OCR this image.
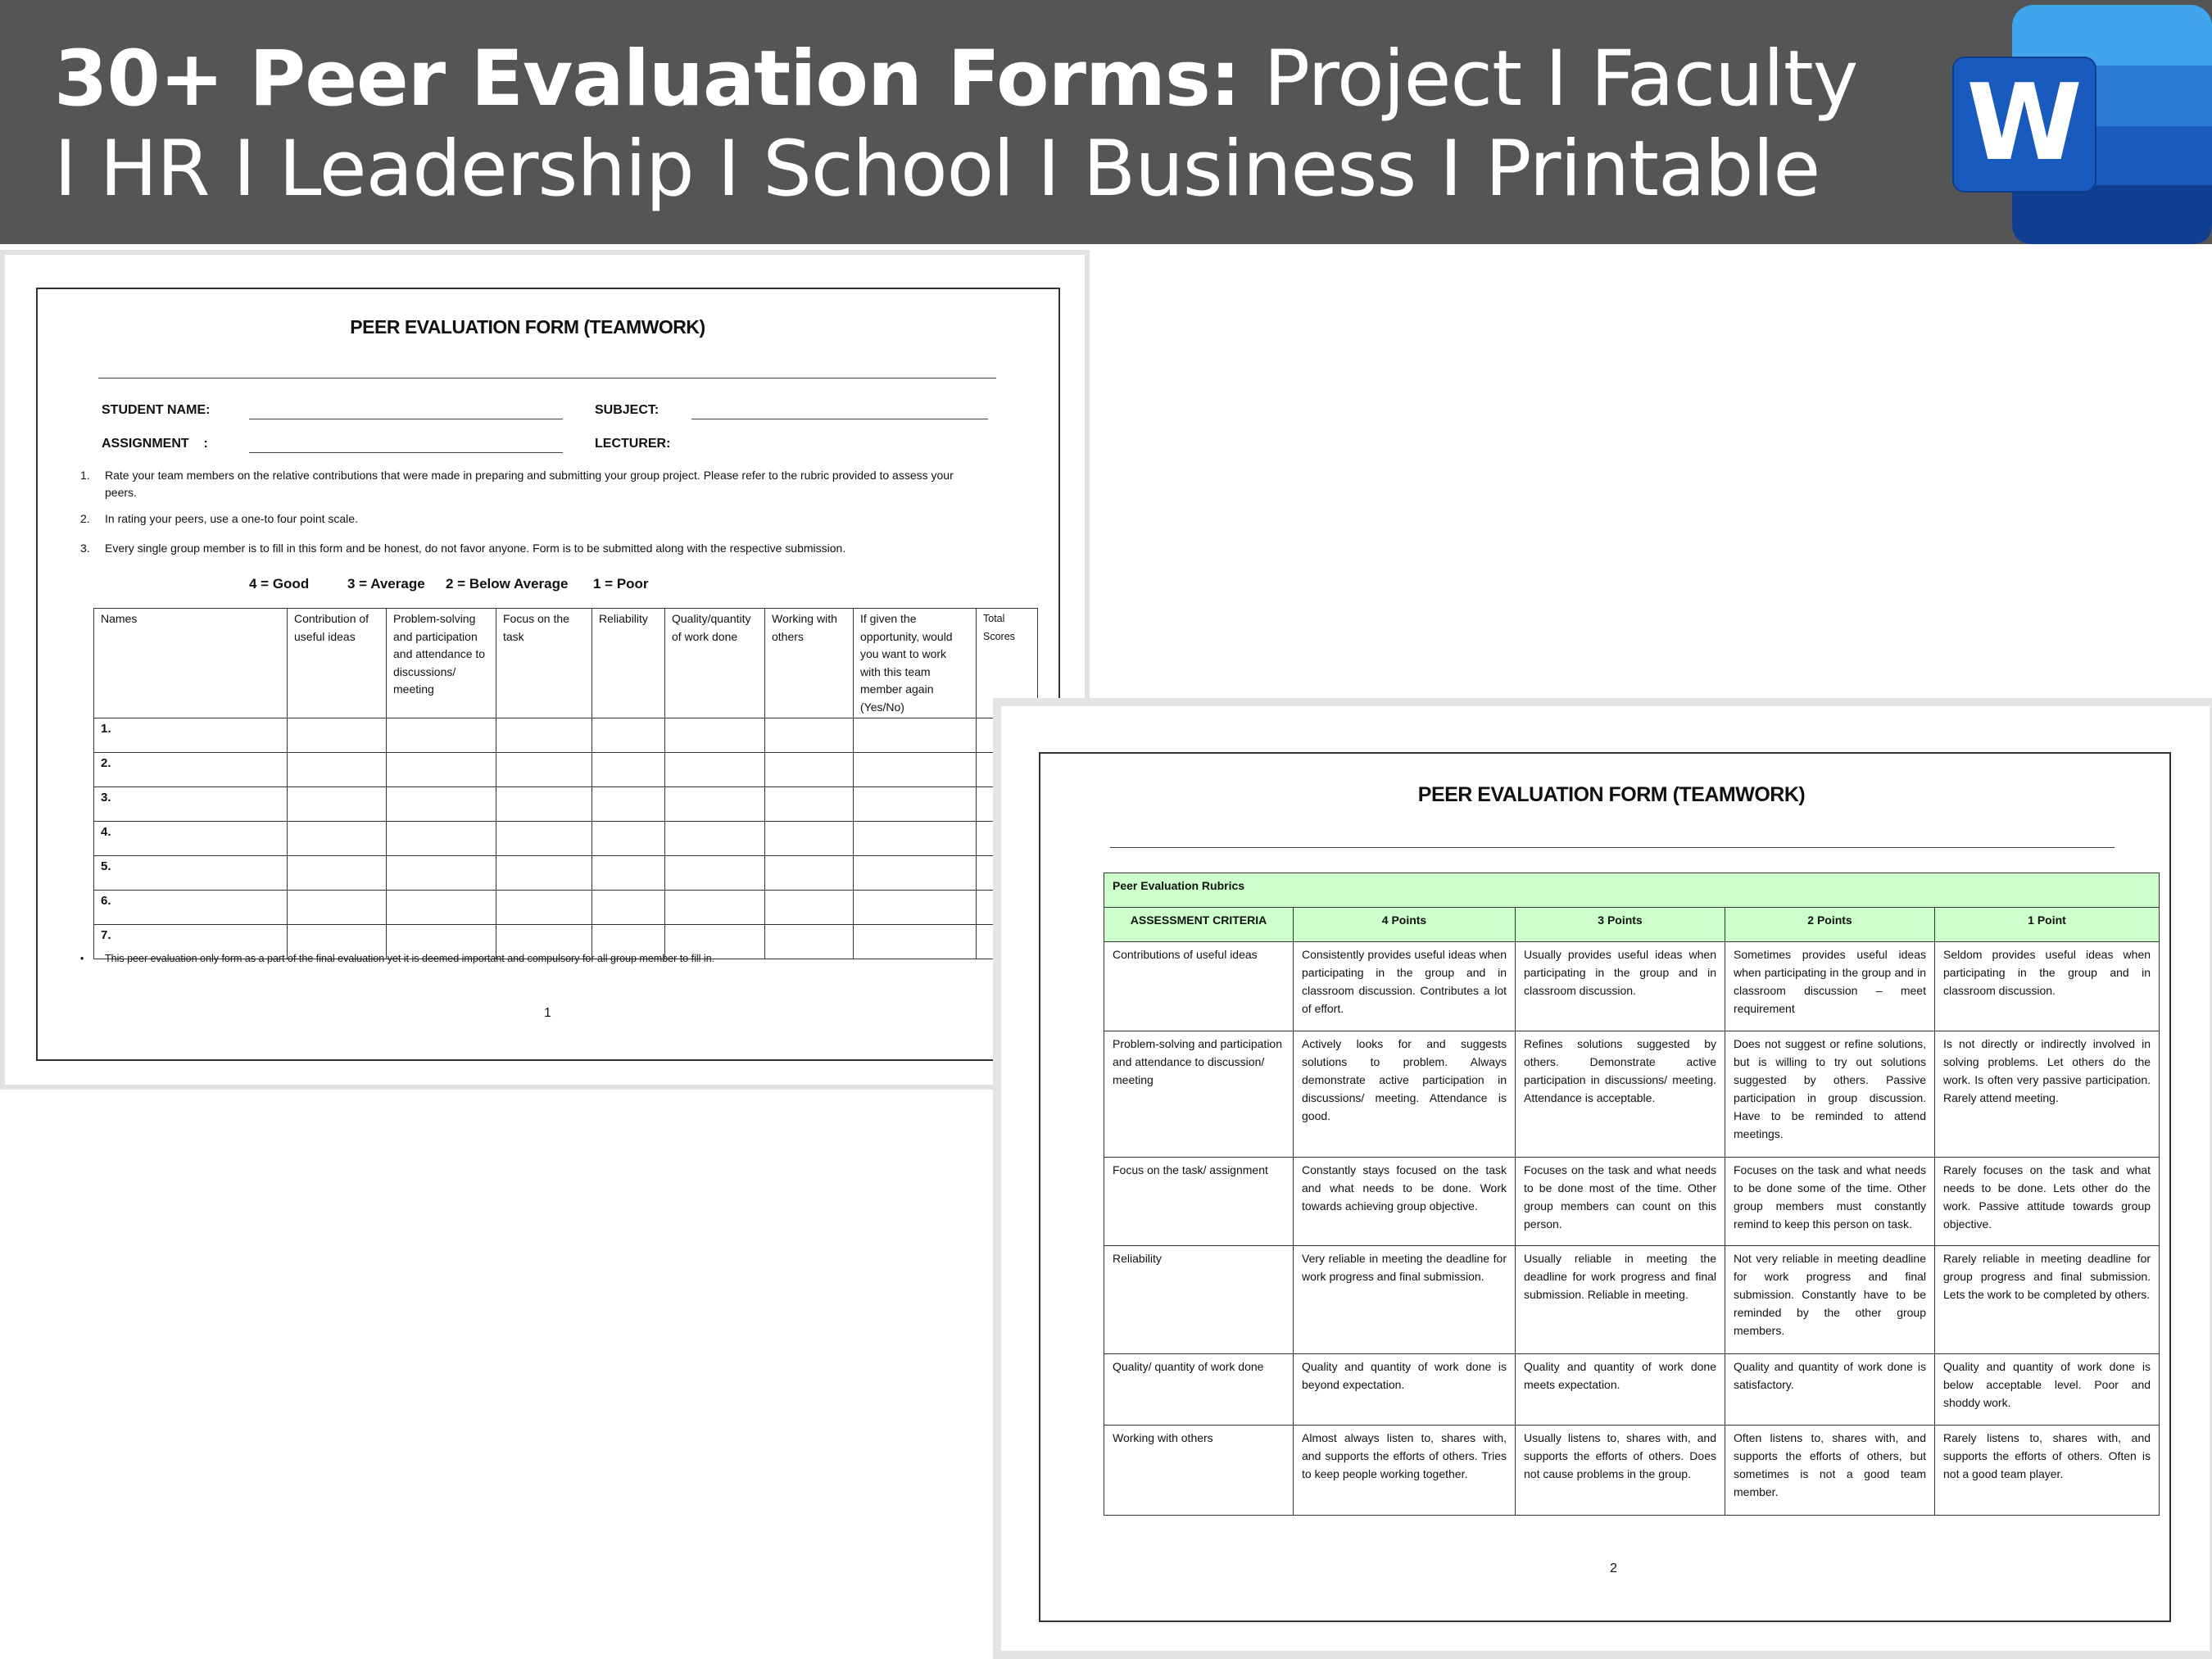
30+ Peer Evaluation Forms: Project I Faculty I HR I Leadership I School I Business I Printable	W
PEER EVALUATION FORM (TEAMWORK)
STUDENT NAME:	SUBJECT:
ASSIGNMENT    :	LECTURER:
1. Rate your team members on the relative contributions that were made in preparing and submitting your group project. Please refer to the rubric provided to assess your peers.
2. In rating your peers, use a one-to four point scale.
3. Every single group member is to fill in this form and be honest, do not favor anyone. Form is to be submitted along with the respective submission.
4 = Good	3 = Average 2 = Below Average 1 = Poor
Names	Contribution of useful ideas	Problem-solving and participation and attendance to discussions/ meeting	Focus on the task	Reliability	Quality/quantity of work done	Working with others	If given the opportunity, would you want to work with this team member again (Yes/No)	Total Scores
1.								
2.								
3.								
4.								
5.								
6.								
7.								
• This peer evaluation only form as a part of the final evaluation yet it is deemed important and compulsory for all group member to fill in.
1
PEER EVALUATION FORM (TEAMWORK)
Peer Evaluation Rubrics				
ASSESSMENT CRITERIA	4 Points	3 Points	2 Points	1 Point
Contributions of useful ideas	Consistently provides useful ideas when participating in the group and in classroom discussion. Contributes a lot of effort.	Usually provides useful ideas when participating in the group and in classroom discussion.	Sometimes provides useful ideas when participating in the group and in classroom discussion – meet requirement	Seldom provides useful ideas when participating in the group and in classroom discussion.
Problem-solving and participation and attendance to discussion/ meeting	Actively looks for and suggests solutions to problem. Always demonstrate active participation in discussions/ meeting. Attendance is good.	Refines solutions suggested by others. Demonstrate active participation in discussions/ meeting. Attendance is acceptable.	Does not suggest or refine solutions, but is willing to try out solutions suggested by others. Passive participation in group discussion. Have to be reminded to attend meetings.	Is not directly or indirectly involved in solving problems. Let others do the work. Is often very passive participation. Rarely attend meeting.
Focus on the task/ assignment	Constantly stays focused on the task and what needs to be done. Work towards achieving group objective.	Focuses on the task and what needs to be done most of the time. Other group members can count on this person.	Focuses on the task and what needs to be done some of the time. Other group members must constantly remind to keep this person on task.	Rarely focuses on the task and what needs to be done. Lets other do the work. Passive attitude towards group objective.
Reliability	Very reliable in meeting the deadline for work progress and final submission.	Usually reliable in meeting the deadline for work progress and final submission. Reliable in meeting.	Not very reliable in meeting deadline for work progress and final submission. Constantly have to be reminded by the other group members.	Rarely reliable in meeting deadline for group progress and final submission. Lets the work to be completed by others.
Quality/ quantity of work done	Quality and quantity of work done is beyond expectation.	Quality and quantity of work done meets expectation.	Quality and quantity of work done is satisfactory.	Quality and quantity of work done is below acceptable level. Poor and shoddy work.
Working with others	Almost always listen to, shares with, and supports the efforts of others. Tries to keep people working together.	Usually listens to, shares with, and supports the efforts of others. Does not cause problems in the group.	Often listens to, shares with, and supports the efforts of others, but sometimes is not a good team member.	Rarely listens to, shares with, and supports the efforts of others. Often is not a good team player.
2
